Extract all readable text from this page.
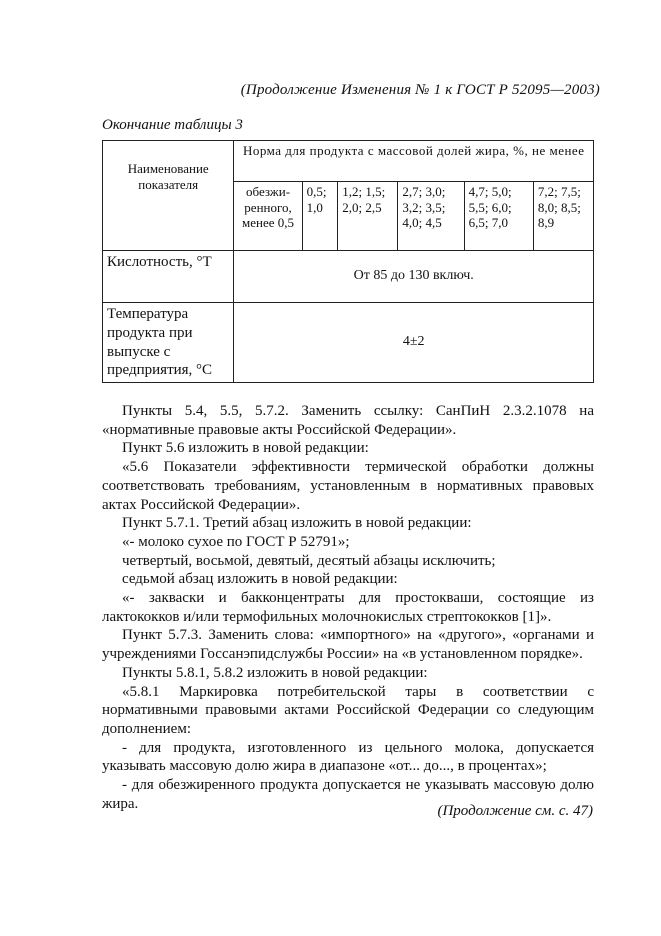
(Продолжение Изменения № 1 к ГОСТ Р 52095—2003)
Окончание таблицы 3
Наименование показателя	Норма для продукта с массовой долей жира, %, не менее					
	обезжи-ренного, менее 0,5	0,5; 1,0	1,2; 1,5; 2,0; 2,5	2,7; 3,0; 3,2; 3,5; 4,0; 4,5	4,7; 5,0; 5,5; 6,0; 6,5; 7,0	7,2; 7,5; 8,0; 8,5; 8,9
Кислотность, °Т	От 85 до 130 включ.					
Температура продукта при выпуске с предприятия, °С	4±2					

Пункты 5.4, 5.5, 5.7.2. Заменить ссылку: СанПиН 2.3.2.1078 на «нормативные правовые акты Российской Федерации».

Пункт 5.6 изложить в новой редакции:

«5.6 Показатели эффективности термической обработки должны соответствовать требованиям, установленным в нормативных правовых актах Российской Федерации».

Пункт 5.7.1. Третий абзац изложить в новой редакции:

«- молоко сухое по ГОСТ Р 52791»;

четвертый, восьмой, девятый, десятый абзацы исключить;

седьмой абзац изложить в новой редакции:

«- закваски и бакконцентраты для простокваши, состоящие из лактококков и/или термофильных молочнокислых стрептококков [1]».

Пункт 5.7.3. Заменить слова: «импортного» на «другого», «органами и учреждениями Госсанэпидслужбы России» на «в установленном порядке».

Пункты 5.8.1, 5.8.2 изложить в новой редакции:

«5.8.1 Маркировка потребительской тары в соответствии с нормативными правовыми актами Российской Федерации со следующим дополнением:

- для продукта, изготовленного из цельного молока, допускается указывать массовую долю жира в диапазоне «от... до..., в процентах»;

- для обезжиренного продукта допускается не указывать массовую долю жира.	(Продолжение см. с. 47)
